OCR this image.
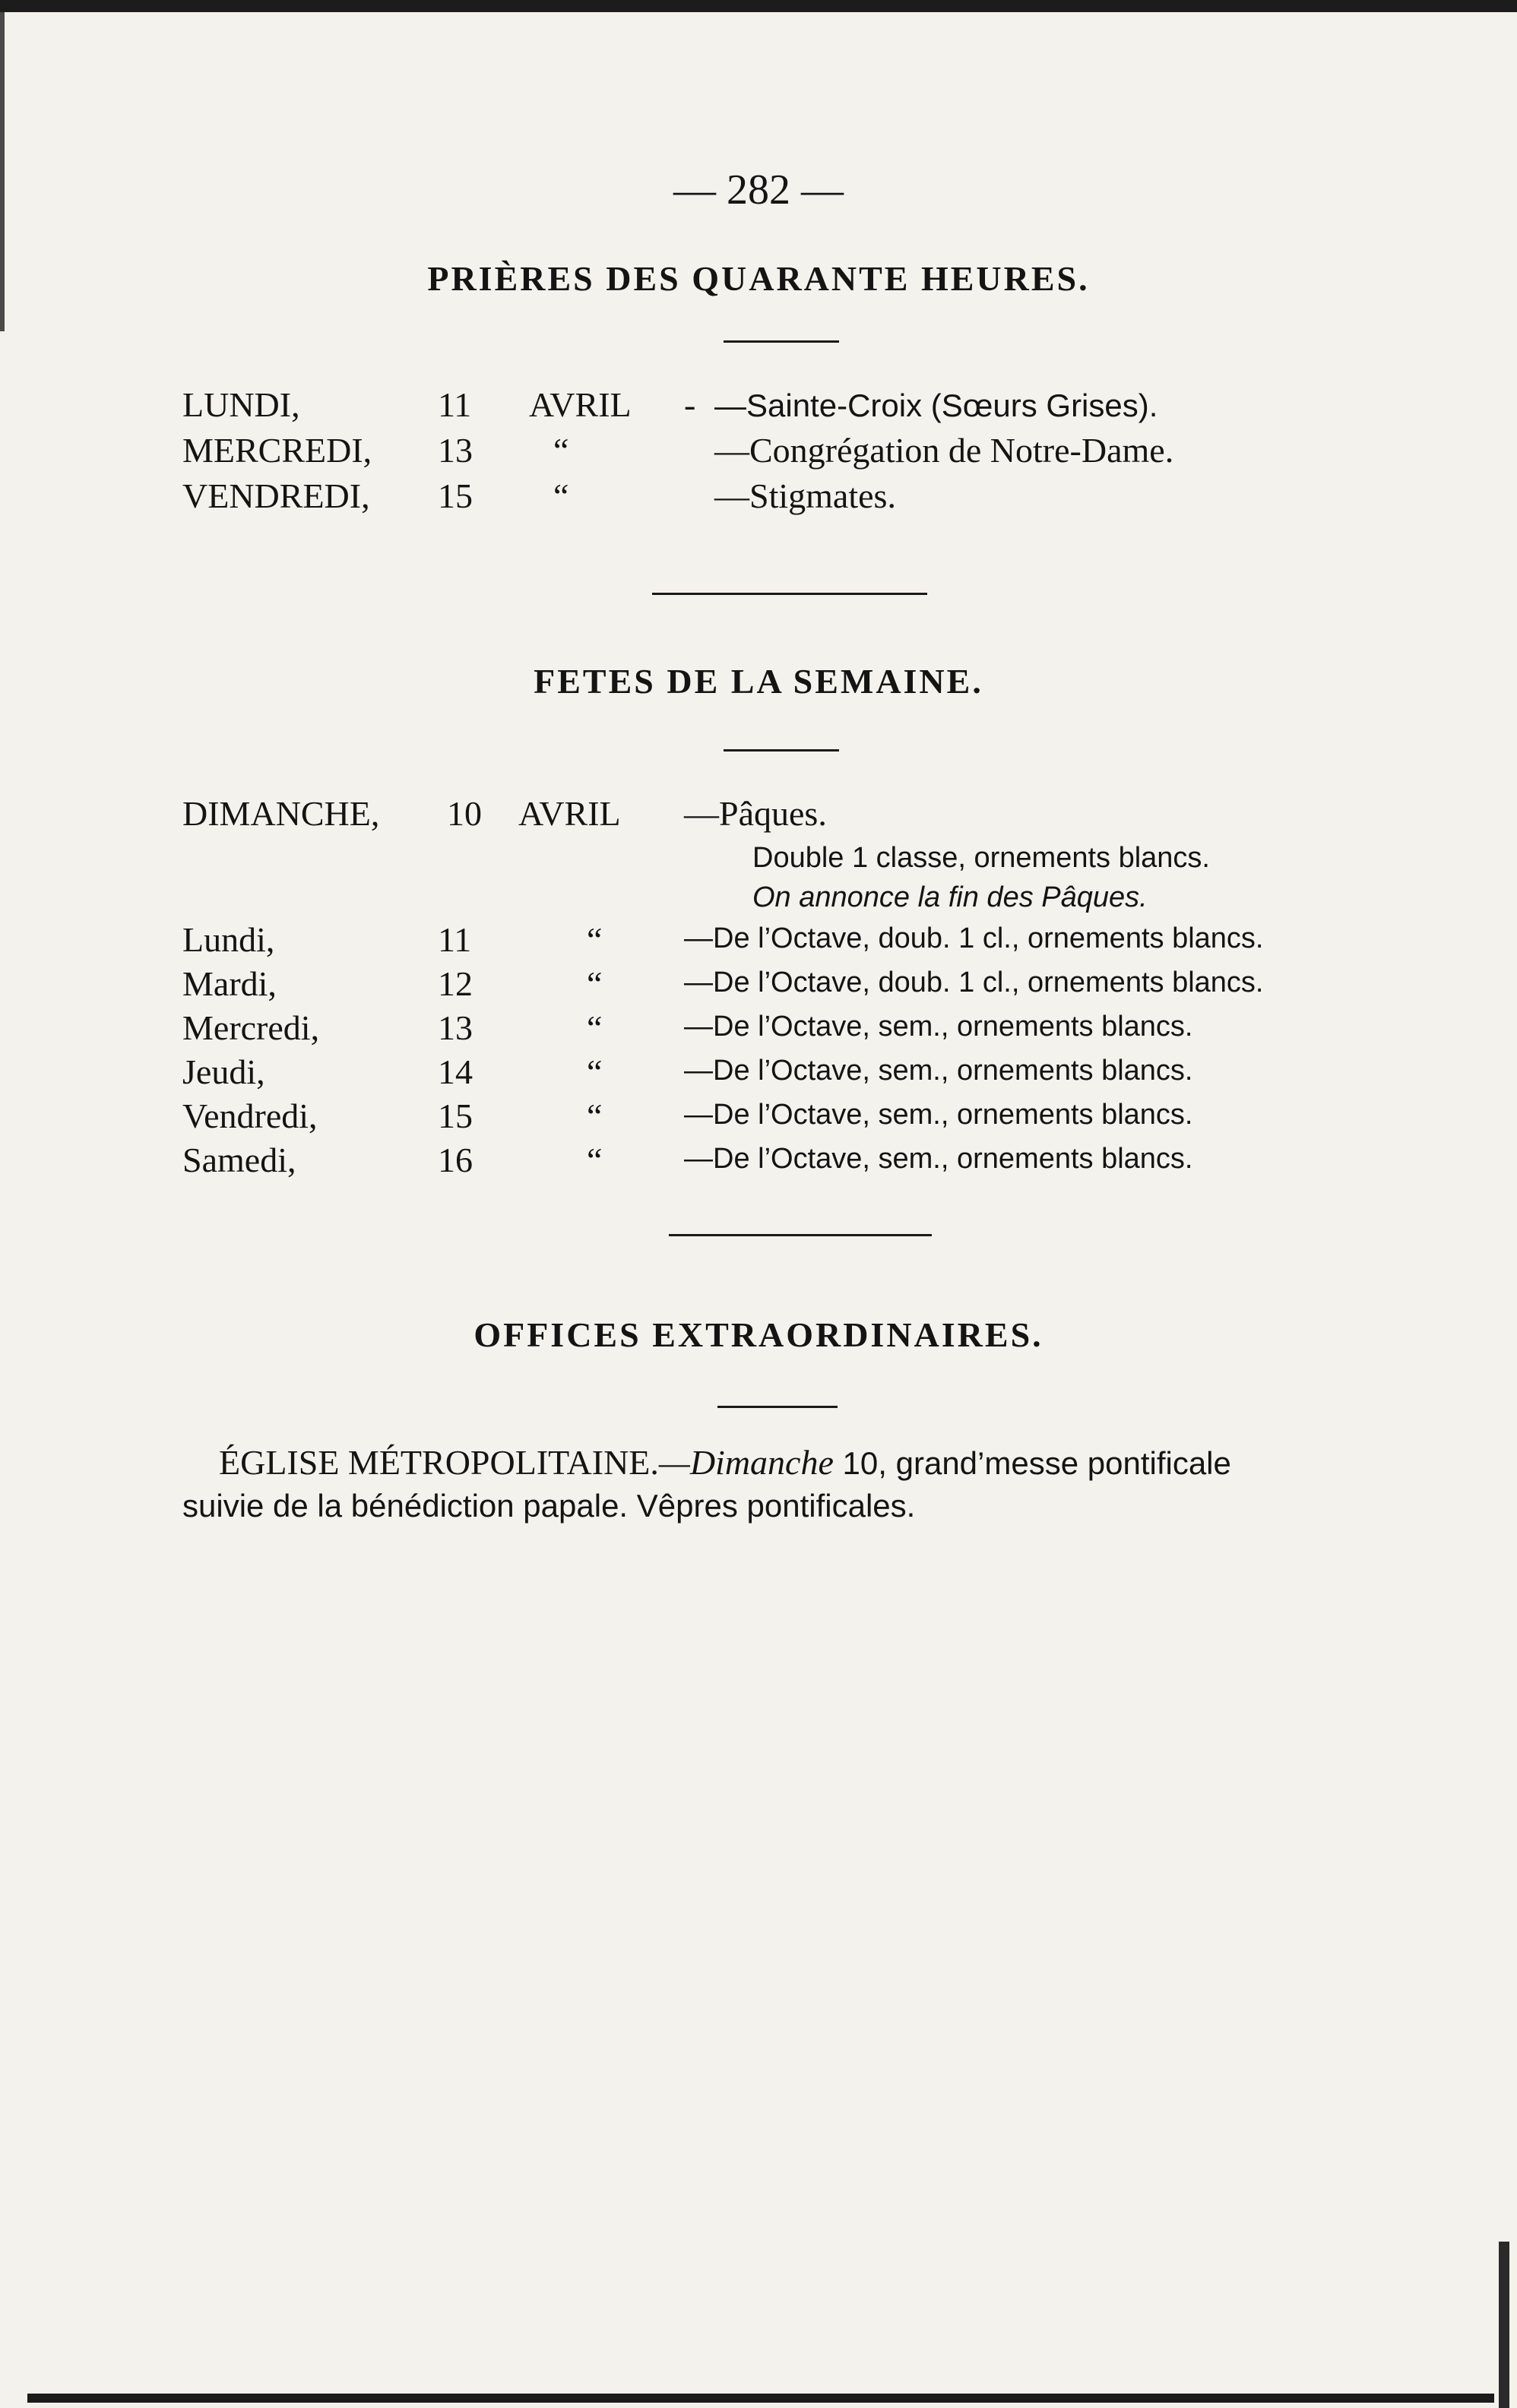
— 282 —
PRIÈRES DES QUARANTE HEURES.
LUNDI,	11 AVRIL - —Sainte-Croix (Sœurs Grises).
MERCREDI, 13 “	—Congrégation de Notre-Dame.
VENDREDI, 15 “	—Stigmates.
FETES DE LA SEMAINE.
DIMANCHE, 10 AVRIL —Pâques.
Double 1 classe, ornements blancs.
On annonce la fin des Pâques.
Lundi,	11	“	—De l’Octave, doub. 1 cl., ornements blancs.
Mardi,	12	“	—De l’Octave, doub. 1 cl., ornements blancs.
Mercredi,	13	“	—De l’Octave, sem., ornements blancs.
Jeudi,	14	“	—De l’Octave, sem., ornements blancs.
Vendredi,	15	“	—De l’Octave, sem., ornements blancs.
Samedi,	16	“	—De l’Octave, sem., ornements blancs.
OFFICES EXTRAORDINAIRES.
ÉGLISE MÉTROPOLITAINE.—Dimanche 10, grand’messe pontificale
suivie de la bénédiction papale. Vêpres pontificales.
